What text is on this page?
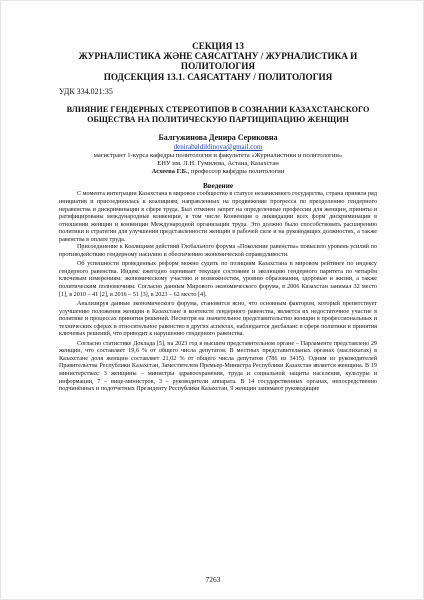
СЕКЦИЯ 13
ЖУРНАЛИСТИКА ЖӘНЕ САЯСАТТАНУ / ЖУРНАЛИСТИКА И ПОЛИТОЛОГИЯ
ПОДСЕКЦИЯ 13.1. САЯСАТТАНУ / ПОЛИТОЛОГИЯ
УДК 334.021:35
ВЛИЯНИЕ ГЕНДЕРНЫХ СТЕРЕОТИПОВ В СОЗНАНИИ КАЗАХСТАНСКОГО ОБЩЕСТВА НА ПОЛИТИЧЕСКУЮ ПАРТИЦИПАЦИЮ ЖЕНЩИН
Балгужинова Денира Сериковна
denirabaldildinova@gmail.com
магистрант 1-курса кафедры политологии и факультета «Журналистики и политологии»
ЕНУ им. Л.Н. Гумилева, Астана, Казахстан
Асхеева Г.Б., профессор кафедры политологии
Введение

С момента интеграции Казахстана в мировое сообщество в статусе независимого государства, страна приняла ряд инициатив и присоединилась к коалициям, направленных на продвижение прогресса по преодолению гендерного неравенства и дискриминации в сфере труда. Был отменен запрет на определенные профессии для женщин, приняты и ратифицированы международные конвенции, в том числе Конвенция о ликвидации всех форм дискриминации в отношении женщин и конвенции Международной организации труда. Это должно было способствовать расширению политики и стратегии для улучшения представленности женщин в рабочей силе и на руководящих должностях, а также равенства в оплате труда.

Присоединение к Коалициям действий Глобального форума «Поколение равенства» повысило уровень усилий по противодействию гендерному насилию и обеспечению экономической справедливости.

Об успешности проведенных реформ можно судить по позициям Казахстана в мировом рейтинге по индексу гендерного равенства. Индекс ежегодно оценивает текущее состояние и эволюцию гендерного паритета по четырём ключевым измерениям: экономическому участию и возможностям, уровню образования, здоровью и жизни, а также политическим полномочиям. Согласно данным Мирового экономического форума, в 2006 Казахстан занимал 32 место [1], в 2010 – 41 [2], в 2016 – 51 [3], в 2023 – 62 место [4].

Анализируя данные экономического форума, становится ясно, что основным фактором, который препятствует улучшению положения женщин в Казахстане в контексте гендерного равенства, является их недостаточное участие в политике и процессах принятия решений. Несмотря на значительное представительство женщин в профессиональных и технических сферах и относительное равенство в других аспектах, наблюдается дисбаланс в сфере политики и принятия ключевых решений, что приводит к нарушению гендерного равенства.

Согласно статистике Доклада [5], на 2023 год в высшем представительном органе – Парламенте представлено 29 женщин, что составляет 19,6 % от общего числа депутатов. В местных представительных органах (маслихатах) в Казахстане доля женщин составляет 21,02 % от общего числа депутатов (786 из 3415). Одним из руководителей Правительства Республики Казахстан, Заместителем Премьер-Министра Республики Казахстан является женщина. В 19 министерствах: 3 женщины – министры здравоохранения, труда и социальной защиты населения, культуры и информации, 7 – вице-министров, 3 – руководители аппарата. В 14 государственных органах, непосредственно подчинённых и подотчетных Президенту Республики Казахстан, 9 женщин занимают руководящие

7263
